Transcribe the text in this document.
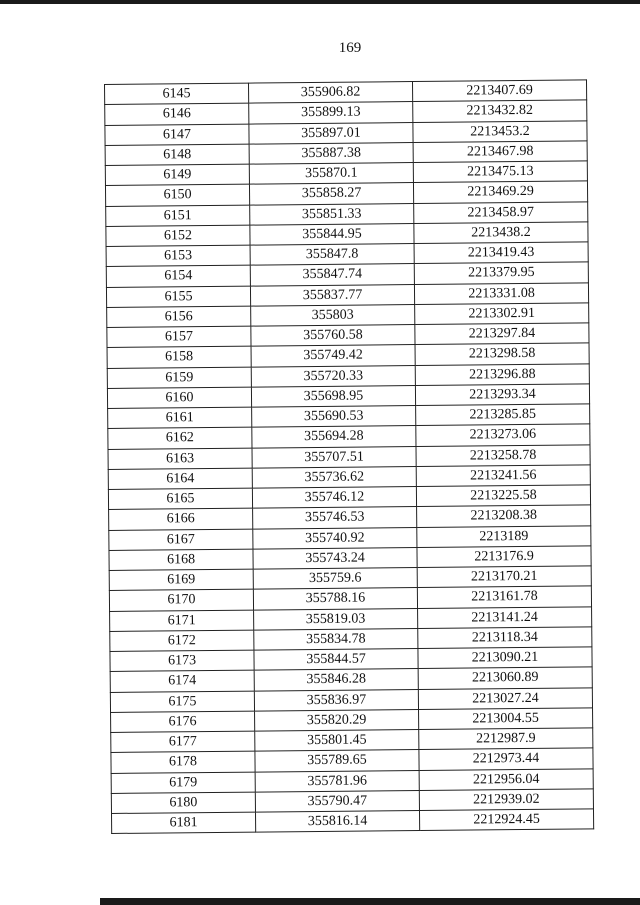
169
6145	355906.82	2213407.69
6146	355899.13	2213432.82
6147	355897.01	2213453.2
6148	355887.38	2213467.98
6149	355870.1	2213475.13
6150	355858.27	2213469.29
6151	355851.33	2213458.97
6152	355844.95	2213438.2
6153	355847.8	2213419.43
6154	355847.74	2213379.95
6155	355837.77	2213331.08
6156	355803	2213302.91
6157	355760.58	2213297.84
6158	355749.42	2213298.58
6159	355720.33	2213296.88
6160	355698.95	2213293.34
6161	355690.53	2213285.85
6162	355694.28	2213273.06
6163	355707.51	2213258.78
6164	355736.62	2213241.56
6165	355746.12	2213225.58
6166	355746.53	2213208.38
6167	355740.92	2213189
6168	355743.24	2213176.9
6169	355759.6	2213170.21
6170	355788.16	2213161.78
6171	355819.03	2213141.24
6172	355834.78	2213118.34
6173	355844.57	2213090.21
6174	355846.28	2213060.89
6175	355836.97	2213027.24
6176	355820.29	2213004.55
6177	355801.45	2212987.9
6178	355789.65	2212973.44
6179	355781.96	2212956.04
6180	355790.47	2212939.02
6181	355816.14	2212924.45
